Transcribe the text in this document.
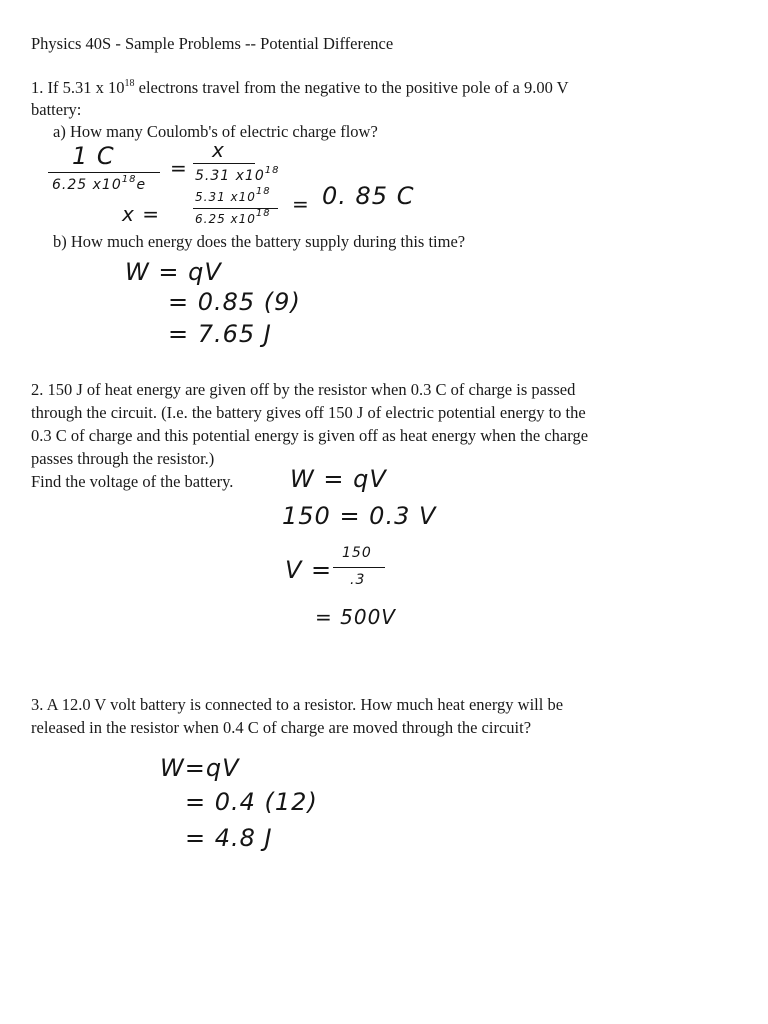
Physics 40S - Sample Problems -- Potential Difference
1. If 5.31 x $10^{18}$ electrons travel from the negative to the positive pole of a 9.00 V
battery:
a) How many Coulomb's of electric charge flow?
1 C
6.25 $x10^{18}e$
=
x
5.31 $x10^{18}$
x =
5.31 $x10^{18}$
6.25 $x10^{18} = 0$. 85 C
b) How much energy does the battery supply during this time?
W = qV
= 0.85 (9)
= 7.65 J
2. 150 J of heat energy are given off by the resistor when 0.3 C of charge is passed
through the circuit. (I.e. the battery gives off 150 J of electric potential energy to the
0.3 C of charge and this potential energy is given off as heat energy when the charge
passes through the resistor.)
Find the voltage of the battery.	W = qV
150 = 0.3 V
V =
150
.3
= 500V
3. A 12.0 V volt battery is connected to a resistor. How much heat energy will be
released in the resistor when 0.4 C of charge are moved through the circuit?
W=qV
= 0.4 (12)
= 4.8 J
